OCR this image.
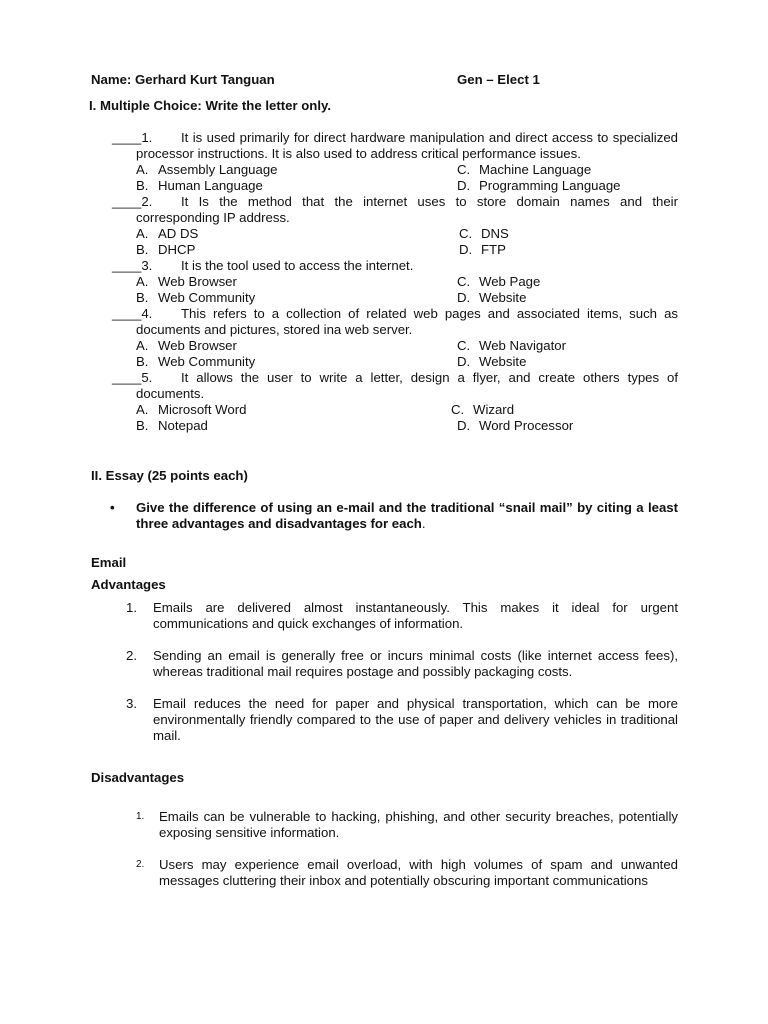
Name: Gerhard Kurt Tanguan	Gen – Elect 1
I. Multiple Choice: Write the letter only.

____1. It is used primarily for direct hardware manipulation and direct access to specialized processor instructions. It is also used to address critical performance issues.

A. Assembly Language	C. Machine Language
B. Human Language	D. Programming Language

____2. It Is the method that the internet uses to store domain names and their corresponding IP address.

A. AD DS	C. DNS
B. DHCP	D. FTP

____3. It is the tool used to access the internet.

A. Web Browser	C. Web Page
B. Web Community	D. Website

____4. This refers to a collection of related web pages and associated items, such as documents and pictures, stored ina web server.

A. Web Browser	C. Web Navigator
B. Web Community	D. Website

____5. It allows the user to write a letter, design a flyer, and create others types of documents.

A. Microsoft Word	C. Wizard
B. Notepad	D. Word Processor
II. Essay (25 points each)
• Give the difference of using an e-mail and the traditional “snail mail” by citing a least three advantages and disadvantages for each.

Email
Advantages
1. Emails are delivered almost instantaneously. This makes it ideal for urgent communications and quick exchanges of information.
2. Sending an email is generally free or incurs minimal costs (like internet access fees), whereas traditional mail requires postage and possibly packaging costs.
3. Email reduces the need for paper and physical transportation, which can be more environmentally friendly compared to the use of paper and delivery vehicles in traditional mail.
Disadvantages
1. Emails can be vulnerable to hacking, phishing, and other security breaches, potentially exposing sensitive information.
2. Users may experience email overload, with high volumes of spam and unwanted messages cluttering their inbox and potentially obscuring important communications
